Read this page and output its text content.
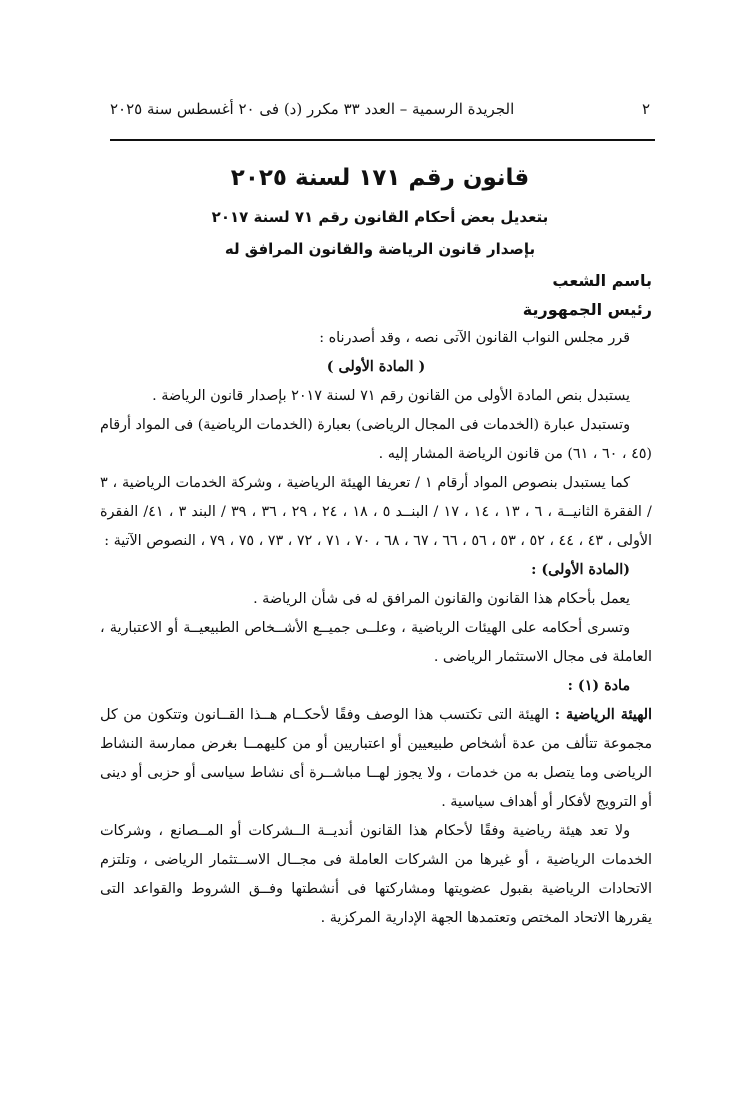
٢
الجريدة الرسمية – العدد ٣٣ مكرر (د) فى ٢٠ أغسطس سنة ٢٠٢٥
قانون رقم ١٧١ لسنة ٢٠٢٥

بتعديل بعض أحكام القانون رقم ٧١ لسنة ٢٠١٧

بإصدار قانون الرياضة والقانون المرافق له

باسم الشعب

رئيس الجمهورية

قرر مجلس النواب القانون الآتى نصه ، وقد أصدرناه :

( المادة الأولى )

يستبدل بنص المادة الأولى من القانون رقم ٧١ لسنة ٢٠١٧ بإصدار قانون الرياضة .

وتستبدل عبارة (الخدمات فى المجال الرياضى) بعبارة (الخدمات الرياضية) فى المواد أرقام (٤٥ ، ٦٠ ، ٦١) من قانون الرياضة المشار إليه .

كما يستبدل بنصوص المواد أرقام ١ / تعريفا الهيئة الرياضية ، وشركة الخدمات الرياضية ، ٣ / الفقرة الثانيــة ، ٦ ، ١٣ ، ١٤ ، ١٧ / البنــد ٥ ، ١٨ ، ٢٤ ، ٢٩ ، ٣٦ ، ٣٩ / البند ٣ ، ٤١/ الفقرة الأولى ، ٤٣ ، ٤٤ ، ٥٢ ، ٥٣ ، ٥٦ ، ٦٦ ، ٦٧ ، ٦٨ ، ٧٠ ، ٧١ ، ٧٢ ، ٧٣ ، ٧٥ ، ٧٩ ، النصوص الآتية :

(المادة الأولى) :

يعمل بأحكام هذا القانون والقانون المرافق له فى شأن الرياضة .

وتسرى أحكامه على الهيئات الرياضية ، وعلــى جميــع الأشــخاص الطبيعيــة أو الاعتبارية ، العاملة فى مجال الاستثمار الرياضى .

مادة (١) :

الهيئة الرياضية : الهيئة التى تكتسب هذا الوصف وفقًا لأحكــام هــذا القــانون وتتكون من كل مجموعة تتألف من عدة أشخاص طبيعيين أو اعتباريين أو من كليهمــا بغرض ممارسة النشاط الرياضى وما يتصل به من خدمات ، ولا يجوز لهــا مباشــرة أى نشاط سياسى أو حزبى أو دينى أو الترويج لأفكار أو أهداف سياسية .

ولا تعد هيئة رياضية وفقًا لأحكام هذا القانون أنديــة الــشركات أو المــصانع ، وشركات الخدمات الرياضية ، أو غيرها من الشركات العاملة فى مجــال الاســتثمار الرياضى ، وتلتزم الاتحادات الرياضية بقبول عضويتها ومشاركتها فى أنشطتها وفــق الشروط والقواعد التى يقررها الاتحاد المختص وتعتمدها الجهة الإدارية المركزية .
